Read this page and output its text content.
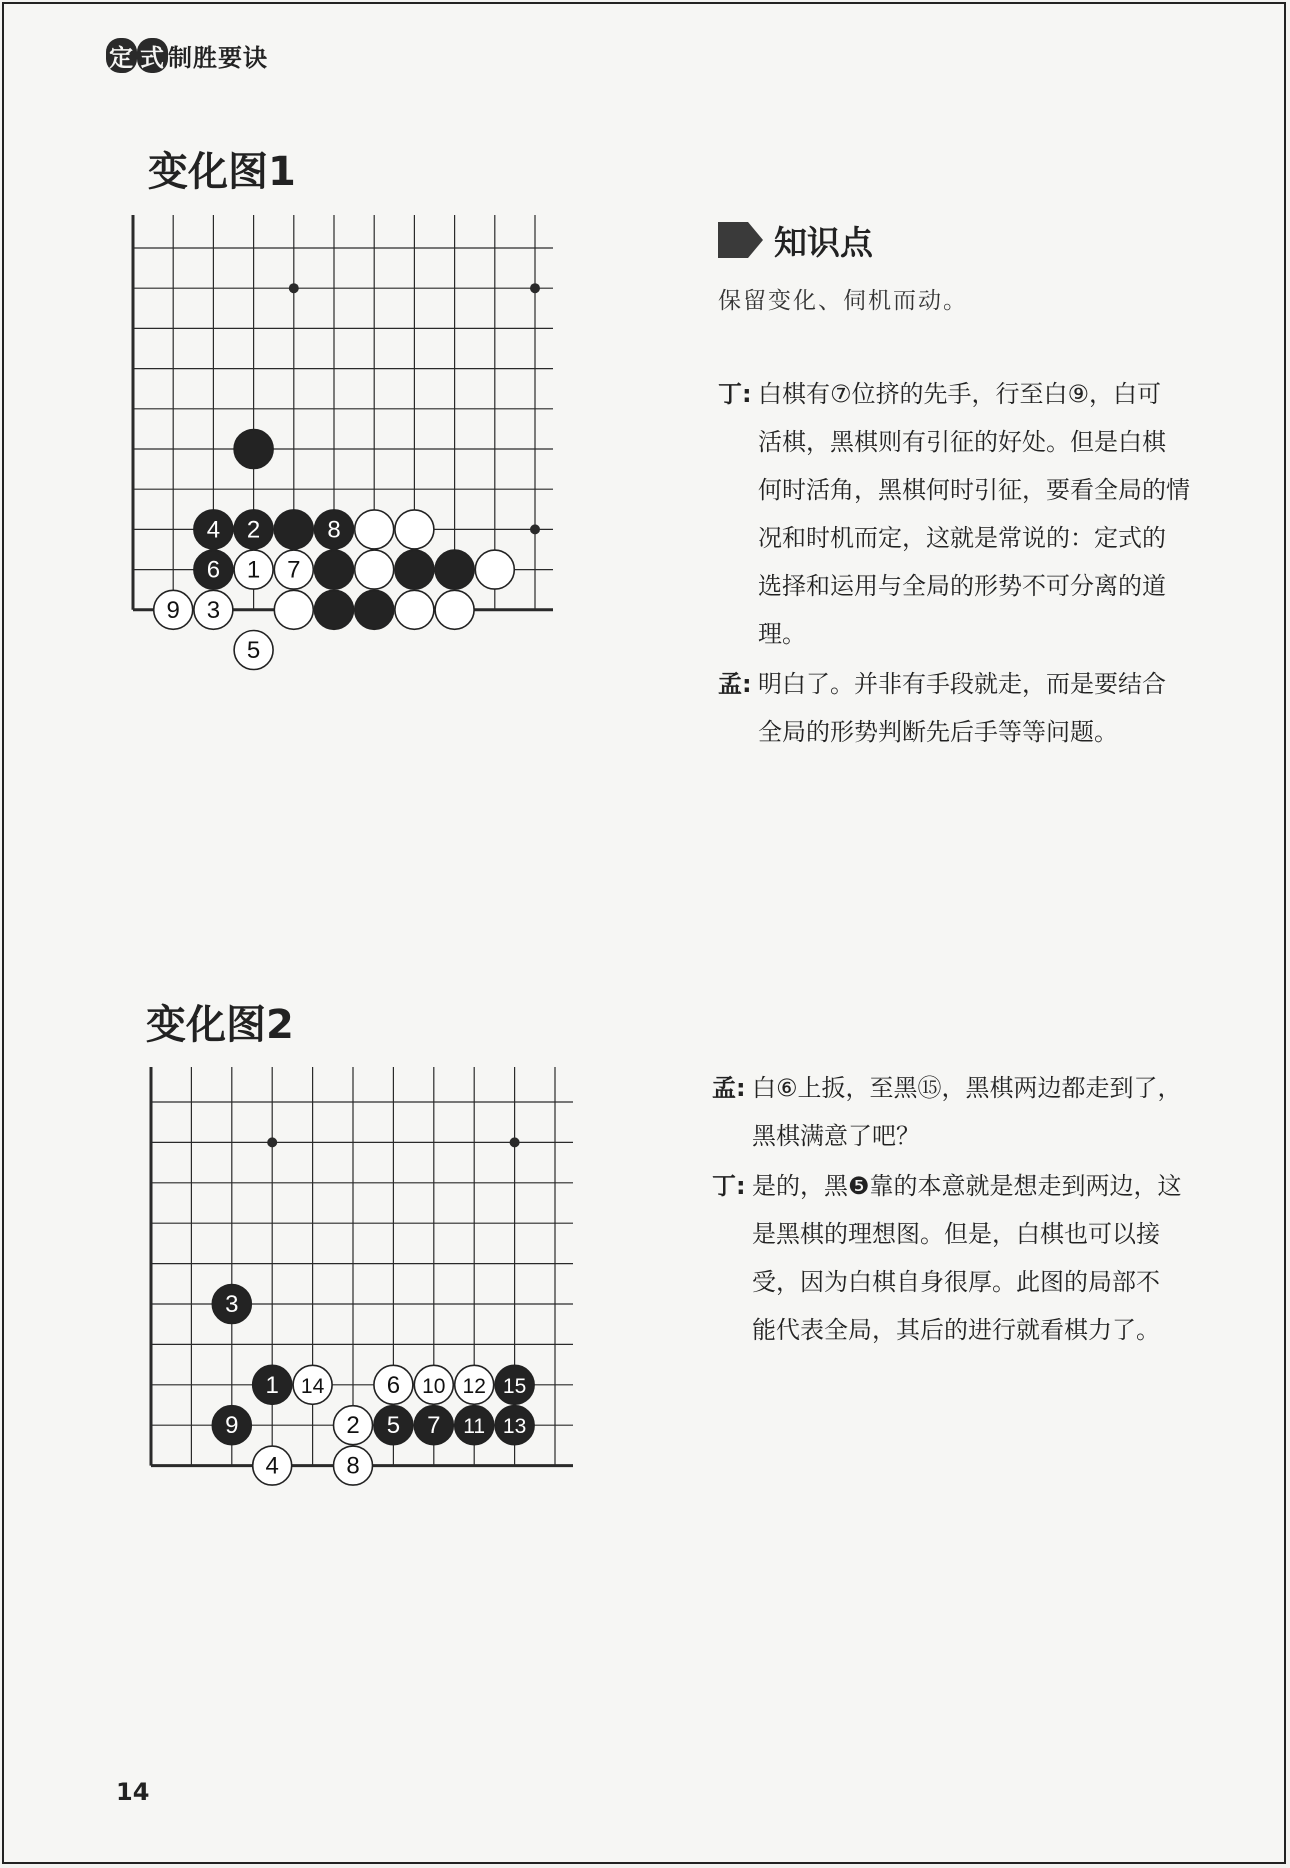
定 式 制胜要诀
变化图1
4 2	8
6 1 7
9 3
5
知识点
保留变化、伺机而动。
丁: 白棋有⑦位挤的先手，行至白⑨，白可
活棋，黑棋则有引征的好处。但是白棋
何时活角，黑棋何时引征，要看全局的情
况和时机而定，这就是常说的：定式的
选择和运用与全局的形势不可分离的道
理。
孟: 明白了。并非有手段就走，而是要结合
全局的形势判断先后手等等问题。
变化图2
3
1
9	5 7 11 13
15
14	6 10 12
2
4	8
孟: 白⑥上扳，至黑⑮，黑棋两边都走到了，
黑棋满意了吧？
丁: 是的，黑❺靠的本意就是想走到两边，这
是黑棋的理想图。但是，白棋也可以接
受，因为白棋自身很厚。此图的局部不
能代表全局，其后的进行就看棋力了。
14
